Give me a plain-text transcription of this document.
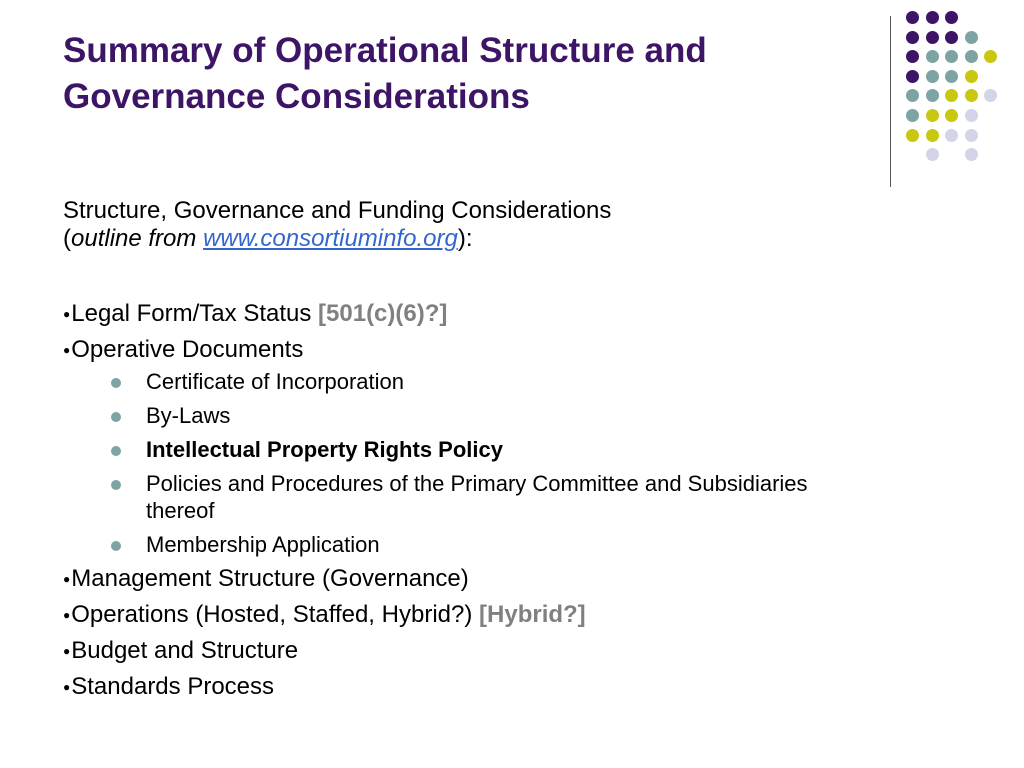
Summary of Operational Structure and Governance Considerations
Structure, Governance and Funding Considerations
(outline from www.consortiuminfo.org):
●Legal Form/Tax Status [501(c)(6)?]
●Operative Documents
Certificate of Incorporation
By-Laws
Intellectual Property Rights Policy
Policies and Procedures of the Primary Committee and Subsidiaries thereof
Membership Application
●Management Structure (Governance)
●Operations (Hosted, Staffed, Hybrid?) [Hybrid?]
●Budget and Structure
●Standards Process
